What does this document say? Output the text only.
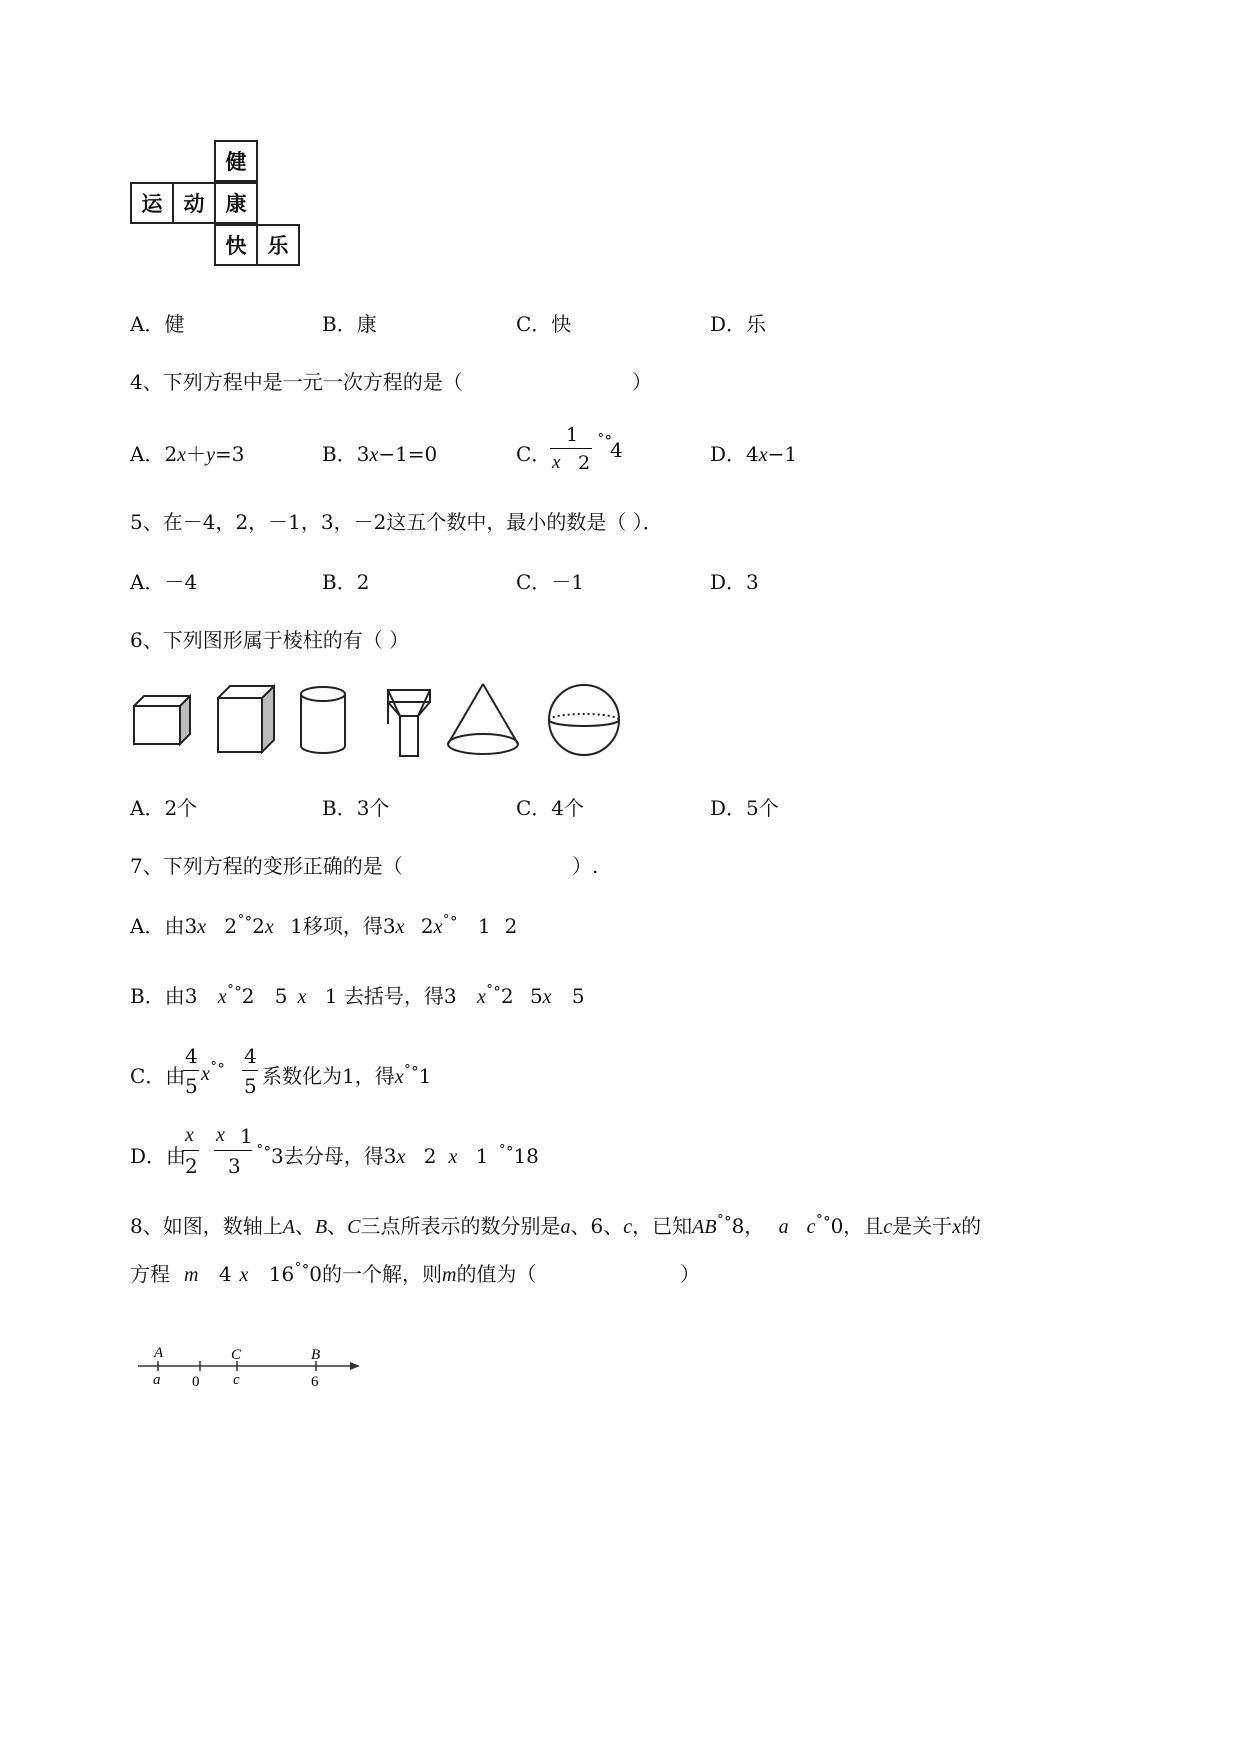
健
运	动	康
快	乐
A．健	B．康	C．快	D．乐
4、下列方程中是一元一次方程的是（	）
A．2x＋y=3	B．3x−1=0	C．
1
x 2
˚°
4	D．4x−1
5、在－4，2，－1，3，－2这五个数中，最小的数是（ ）．
A．－4	B．2	C．－1	D．3
6、下列图形属于棱柱的有（ ）
A．2个	B．3个	C．4个	D．5个
7、下列方程的变形正确的是（	）.
A．由3x 2˚°2x 1移项，得3x 2x˚° 1 2
B．由3 x˚°2 5 x 1 去括号，得3 x˚°2 5x 5
C．由
4
5 x˚°
4
5 系数化为1，得x˚°1
D．由
x
2
x 1
3
˚°3去分母，得3x 2 x 1 ˚°18
8、如图，数轴上A、B、C三点所表示的数分别是a、6、c，已知AB˚°8， a c˚°0，且c是关于x的
方程 m 4 x 16˚°0的一个解，则m的值为（	）
A	C	B
a 0 c	6
